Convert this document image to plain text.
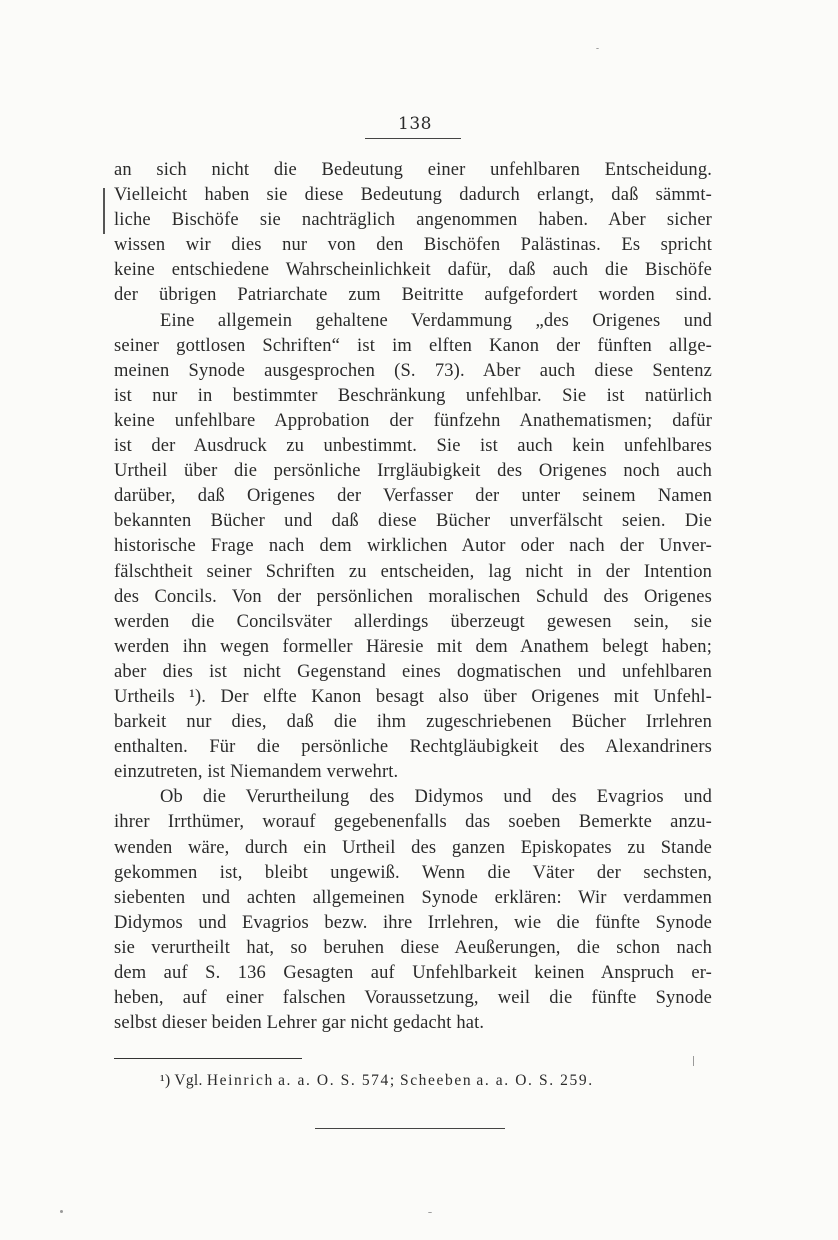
138
an sich nicht die Bedeutung einer unfehlbaren Entscheidung.
Vielleicht haben sie diese Bedeutung dadurch erlangt, daß sämmt-
liche Bischöfe sie nachträglich angenommen haben. Aber sicher
wissen wir dies nur von den Bischöfen Palästinas. Es spricht
keine entschiedene Wahrscheinlichkeit dafür, daß auch die Bischöfe
der übrigen Patriarchate zum Beitritte aufgefordert worden sind.
Eine allgemein gehaltene Verdammung „des Origenes und
seiner gottlosen Schriften“ ist im elften Kanon der fünften allge-
meinen Synode ausgesprochen (S. 73). Aber auch diese Sentenz
ist nur in bestimmter Beschränkung unfehlbar. Sie ist natürlich
keine unfehlbare Approbation der fünfzehn Anathematismen; dafür
ist der Ausdruck zu unbestimmt. Sie ist auch kein unfehlbares
Urtheil über die persönliche Irrgläubigkeit des Origenes noch auch
darüber, daß Origenes der Verfasser der unter seinem Namen
bekannten Bücher und daß diese Bücher unverfälscht seien. Die
historische Frage nach dem wirklichen Autor oder nach der Unver-
fälschtheit seiner Schriften zu entscheiden, lag nicht in der Intention
des Concils. Von der persönlichen moralischen Schuld des Origenes
werden die Concilsväter allerdings überzeugt gewesen sein, sie
werden ihn wegen formeller Häresie mit dem Anathem belegt haben;
aber dies ist nicht Gegenstand eines dogmatischen und unfehlbaren
Urtheils ¹). Der elfte Kanon besagt also über Origenes mit Unfehl-
barkeit nur dies, daß die ihm zugeschriebenen Bücher Irrlehren
enthalten. Für die persönliche Rechtgläubigkeit des Alexandriners
einzutreten, ist Niemandem verwehrt.
Ob die Verurtheilung des Didymos und des Evagrios und
ihrer Irrthümer, worauf gegebenenfalls das soeben Bemerkte anzu-
wenden wäre, durch ein Urtheil des ganzen Episkopates zu Stande
gekommen ist, bleibt ungewiß. Wenn die Väter der sechsten,
siebenten und achten allgemeinen Synode erklären: Wir verdammen
Didymos und Evagrios bezw. ihre Irrlehren, wie die fünfte Synode
sie verurtheilt hat, so beruhen diese Aeußerungen, die schon nach
dem auf S. 136 Gesagten auf Unfehlbarkeit keinen Anspruch er-
heben, auf einer falschen Voraussetzung, weil die fünfte Synode
selbst dieser beiden Lehrer gar nicht gedacht hat.
¹) Vgl. Heinrich a. a. O. S. 574; Scheeben a. a. O. S. 259.
